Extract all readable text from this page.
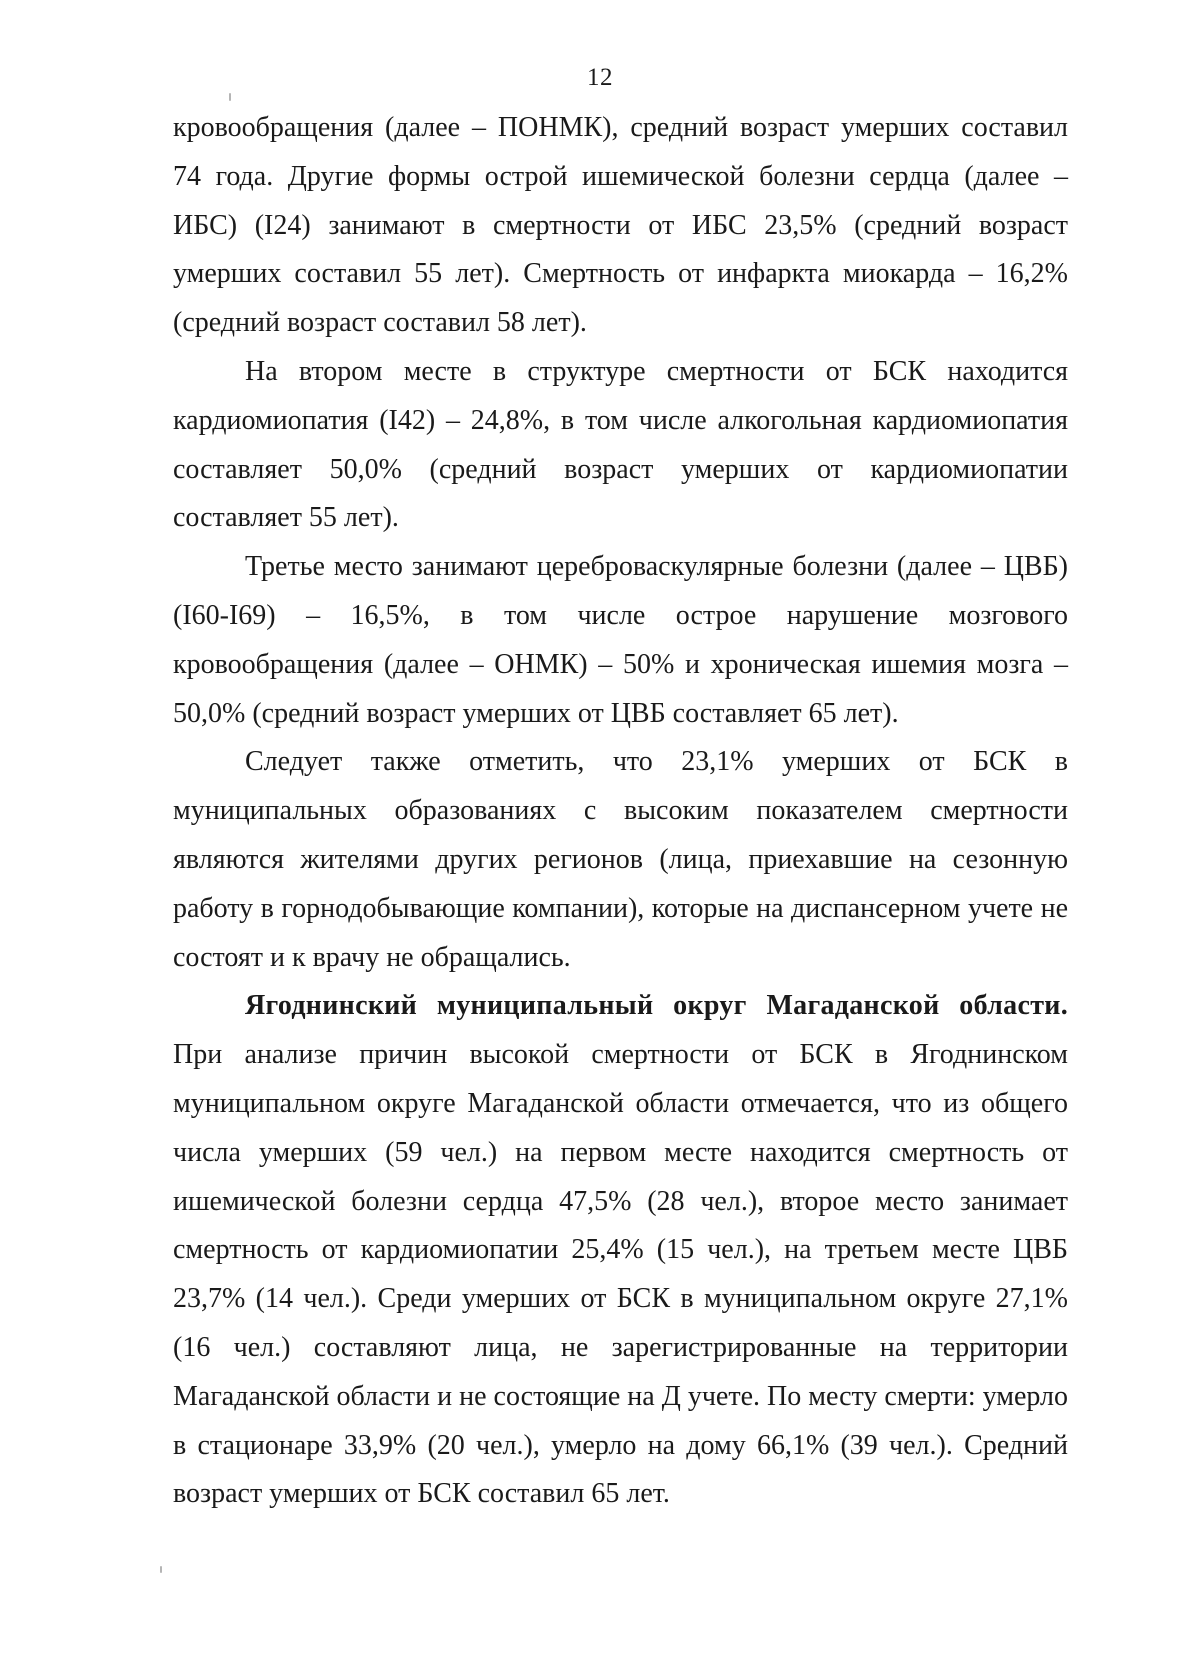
12

кровообращения (далее – ПОНМК), средний возраст умерших составил 74 года. Другие формы острой ишемической болезни сердца (далее – ИБС) (I24) занимают в смертности от ИБС 23,5% (средний возраст умерших составил 55 лет). Смертность от инфаркта миокарда – 16,2% (средний возраст составил 58 лет).

На втором месте в структуре смертности от БСК находится кардиомиопатия (I42) – 24,8%, в том числе алкогольная кардиомиопатия составляет 50,0% (средний возраст умерших от кардиомиопатии составляет 55 лет).

Третье место занимают цереброваскулярные болезни (далее – ЦВБ) (I60-I69) – 16,5%, в том числе острое нарушение мозгового кровообращения (далее – ОНМК) – 50% и хроническая ишемия мозга – 50,0% (средний возраст умерших от ЦВБ составляет 65 лет).

Следует также отметить, что 23,1% умерших от БСК в муниципальных образованиях с высоким показателем смертности являются жителями других регионов (лица, приехавшие на сезонную работу в горнодобывающие компании), которые на диспансерном учете не состоят и к врачу не обращались.

Ягоднинский муниципальный округ Магаданской области. При анализе причин высокой смертности от БСК в Ягоднинском муниципальном округе Магаданской области отмечается, что из общего числа умерших (59 чел.) на первом месте находится смертность от ишемической болезни сердца 47,5% (28 чел.), второе место занимает смертность от кардиомиопатии 25,4% (15 чел.), на третьем месте ЦВБ 23,7% (14 чел.). Среди умерших от БСК в муниципальном округе 27,1% (16 чел.) составляют лица, не зарегистрированные на территории Магаданской области и не состоящие на Д учете. По месту смерти: умерло в стационаре 33,9% (20 чел.), умерло на дому 66,1% (39 чел.). Средний возраст умерших от БСК составил 65 лет.
